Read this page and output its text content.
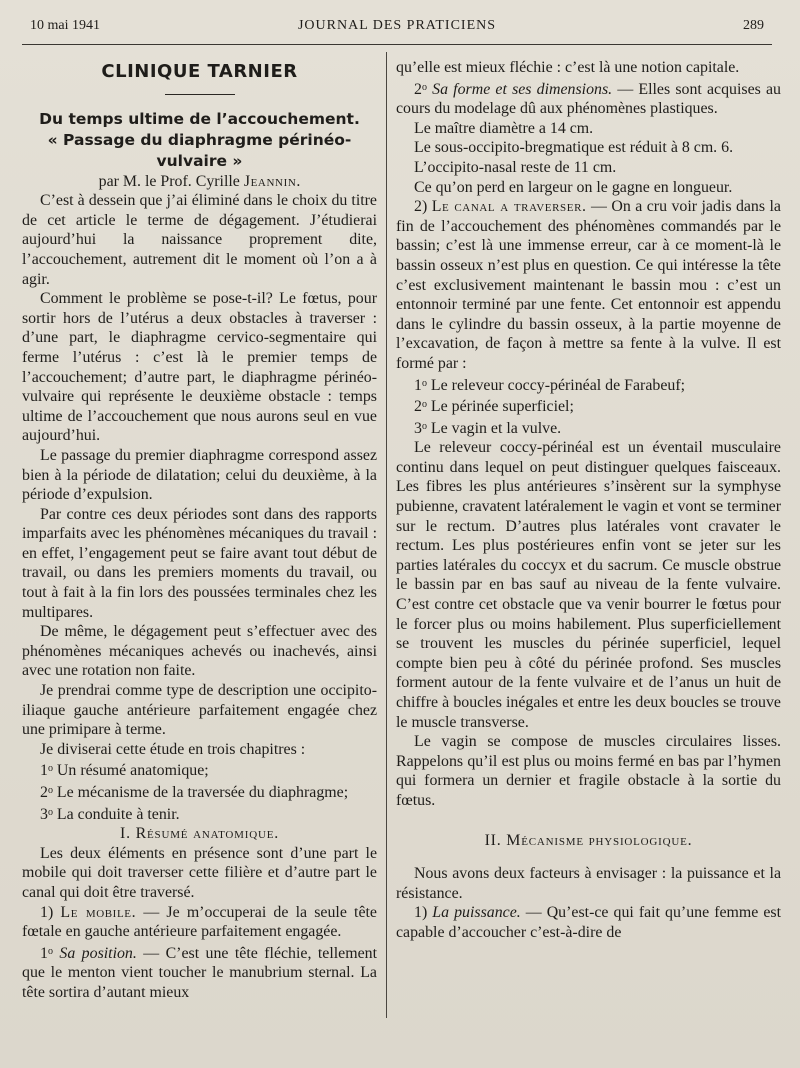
10 mai 1941	JOURNAL DES PRATICIENS	289
CLINIQUE TARNIER

Du temps ultime de l’accouchement.

« Passage du diaphragme périnéo-vulvaire »

par M. le Prof. Cyrille Jeannin.

C’est à dessein que j’ai éliminé dans le choix du titre de cet article le terme de dégagement. J’étudierai aujourd’hui la naissance proprement dite, l’accouchement, autrement dit le moment où l’on a à agir.

Comment le problème se pose-t-il? Le fœtus, pour sortir hors de l’utérus a deux obstacles à traverser : d’une part, le diaphragme cervico-segmentaire qui ferme l’utérus : c’est là le premier temps de l’accouchement; d’autre part, le diaphragme périnéo-vulvaire qui représente le deuxième obstacle : temps ultime de l’accouchement que nous aurons seul en vue aujourd’hui.

Le passage du premier diaphragme correspond assez bien à la période de dilatation; celui du deuxième, à la période d’expulsion.

Par contre ces deux périodes sont dans des rapports imparfaits avec les phénomènes mécaniques du travail : en effet, l’engagement peut se faire avant tout début de travail, ou dans les premiers moments du travail, ou tout à fait à la fin lors des poussées terminales chez les multipares.

De même, le dégagement peut s’effectuer avec des phénomènes mécaniques achevés ou inachevés, ainsi avec une rotation non faite.

Je prendrai comme type de description une occipito-iliaque gauche antérieure parfaitement engagée chez une primipare à terme.

Je diviserai cette étude en trois chapitres :

1$^o$ Un résumé anatomique;

2$^o$ Le mécanisme de la traversée du diaphragme;

3$^o$ La conduite à tenir.

I. Résumé anatomique.

Les deux éléments en présence sont d’une part le mobile qui doit traverser cette filière et d’autre part le canal qui doit être traversé.

1) Le mobile. — Je m’occuperai de la seule tête fœtale en gauche antérieure parfaitement engagée.

1$^o$ Sa position. — C’est une tête fléchie, tellement que le menton vient toucher le manubrium sternal. La tête sortira d’autant mieux

qu’elle est mieux fléchie : c’est là une notion capitale.

2$^o$ Sa forme et ses dimensions. — Elles sont acquises au cours du modelage dû aux phénomènes plastiques.

Le maître diamètre a 14 cm.

Le sous-occipito-bregmatique est réduit à 8 cm. 6.

L’occipito-nasal reste de 11 cm.

Ce qu’on perd en largeur on le gagne en longueur.

2) Le canal a traverser. — On a cru voir jadis dans la fin de l’accouchement des phénomènes commandés par le bassin; c’est là une immense erreur, car à ce moment-là le bassin osseux n’est plus en question. Ce qui intéresse la tête c’est exclusivement maintenant le bassin mou : c’est un entonnoir terminé par une fente. Cet entonnoir est appendu dans le cylindre du bassin osseux, à la partie moyenne de l’excavation, de façon à mettre sa fente à la vulve. Il est formé par :

1$^o$ Le releveur coccy-périnéal de Farabeuf;

2$^o$ Le périnée superficiel;

3$^o$ Le vagin et la vulve.

Le releveur coccy-périnéal est un éventail musculaire continu dans lequel on peut distinguer quelques faisceaux. Les fibres les plus antérieures s’insèrent sur la symphyse pubienne, cravatent latéralement le vagin et vont se terminer sur le rectum. D’autres plus latérales vont cravater le rectum. Les plus postérieures enfin vont se jeter sur les parties latérales du coccyx et du sacrum. Ce muscle obstrue le bassin par en bas sauf au niveau de la fente vulvaire. C’est contre cet obstacle que va venir bourrer le fœtus pour le forcer plus ou moins habilement. Plus superficiellement se trouvent les muscles du périnée superficiel, lequel compte bien peu à côté du périnée profond. Ses muscles forment autour de la fente vulvaire et de l’anus un huit de chiffre à boucles inégales et entre les deux boucles se trouve le muscle transverse.

Le vagin se compose de muscles circulaires lisses. Rappelons qu’il est plus ou moins fermé en bas par l’hymen qui formera un dernier et fragile obstacle à la sortie du fœtus.

II. Mécanisme physiologique.

Nous avons deux facteurs à envisager : la puissance et la résistance.

1) La puissance. — Qu’est-ce qui fait qu’une femme est capable d’accoucher c’est-à-dire de
